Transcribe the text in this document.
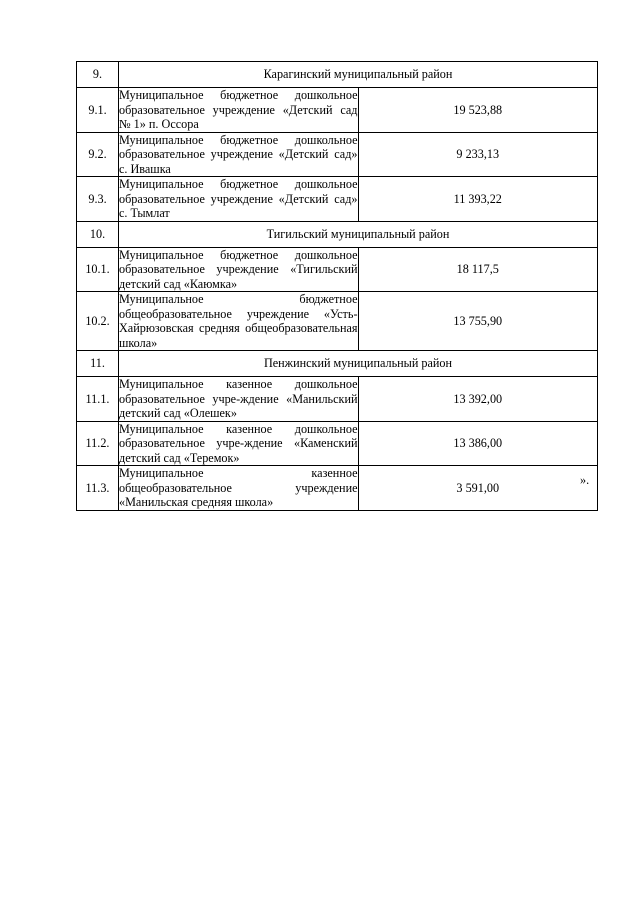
9.	Карагинский муниципальный район	
9.1.	Муниципальное бюджетное дошкольное образовательное учреждение «Детский сад № 1» п. Оссора	19 523,88
9.2.	Муниципальное бюджетное дошкольное образовательное учреждение «Детский сад» с. Ивашка	9 233,13
9.3.	Муниципальное бюджетное дошкольное образовательное учреждение «Детский сад» с. Тымлат	11 393,22
10.	Тигильский муниципальный район	
10.1.	Муниципальное бюджетное дошкольное образовательное учреждение «Тигильский детский сад «Каюмка»	18 117,5
10.2.	Муниципальное бюджетное общеобразовательное учреждение «Усть-Хайрюзовская средняя общеобразовательная школа»	13 755,90
11.	Пенжинский муниципальный район	
11.1.	Муниципальное казенное дошкольное образовательное учре-ждение «Манильский детский сад «Олешек»	13 392,00
11.2.	Муниципальное казенное дошкольное образовательное учре-ждение «Каменский детский сад «Теремок»	13 386,00
11.3.	Муниципальное казенное общеобразовательное учреждение «Манильская средняя школа»	3 591,00
».
